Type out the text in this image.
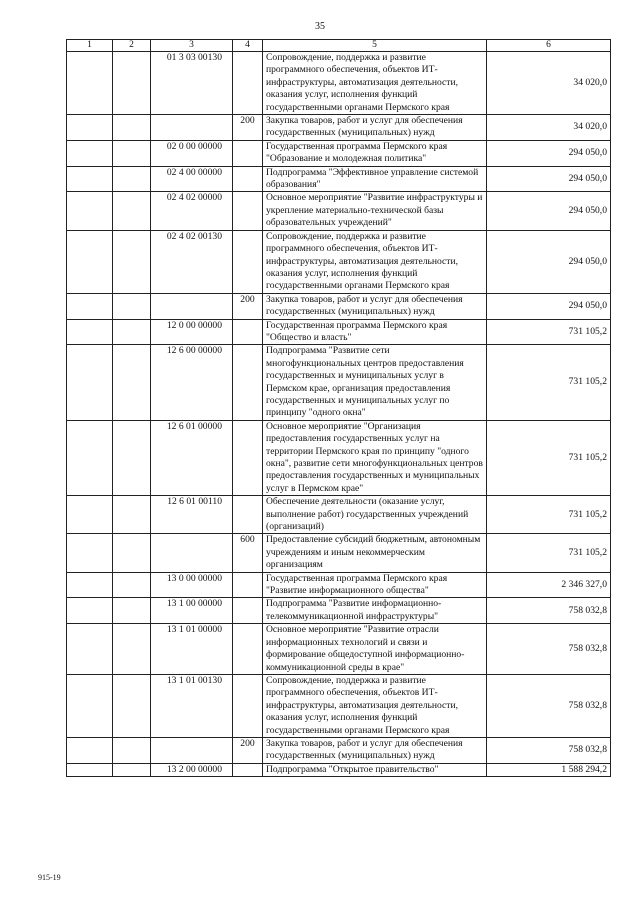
35
1	2	3	4	5	6
		01 3 03 00130		Сопровождение, поддержка и развитие программного обеспечения, объектов ИТ-инфраструктуры, автоматизация деятельности, оказания услуг, исполнения функций государственными органами Пермского края	34 020,0
			200	Закупка товаров, работ и услуг для обеспечения государственных (муниципальных) нужд	34 020,0
		02 0 00 00000		Государственная программа Пермского края "Образование и молодежная политика"	294 050,0
		02 4 00 00000		Подпрограмма "Эффективное управление системой образования"	294 050,0
		02 4 02 00000		Основное мероприятие "Развитие инфраструктуры и укрепление материально-технической базы образовательных учреждений"	294 050,0
		02 4 02 00130		Сопровождение, поддержка и развитие программного обеспечения, объектов ИТ-инфраструктуры, автоматизация деятельности, оказания услуг, исполнения функций государственными органами Пермского края	294 050,0
			200	Закупка товаров, работ и услуг для обеспечения государственных (муниципальных) нужд	294 050,0
		12 0 00 00000		Государственная программа Пермского края "Общество и власть"	731 105,2
		12 6 00 00000		Подпрограмма "Развитие сети многофункциональных центров предоставления государственных и муниципальных услуг в Пермском крае, организация предоставления государственных и муниципальных услуг по принципу "одного окна"	731 105,2
		12 6 01 00000		Основное мероприятие "Организация предоставления государственных услуг на территории Пермского края по принципу "одного окна", развитие сети многофункциональных центров предоставления государственных и муниципальных услуг в Пермском крае"	731 105,2
		12 6 01 00110		Обеспечение деятельности (оказание услуг, выполнение работ) государственных учреждений (организаций)	731 105,2
			600	Предоставление субсидий бюджетным, автономным учреждениям и иным некоммерческим организациям	731 105,2
		13 0 00 00000		Государственная программа Пермского края "Развитие информационного общества"	2 346 327,0
		13 1 00 00000		Подпрограмма "Развитие информационно-телекоммуникационной инфраструктуры"	758 032,8
		13 1 01 00000		Основное мероприятие "Развитие отрасли информационных технологий и связи и формирование общедоступной информационно-коммуникационной среды в крае"	758 032,8
		13 1 01 00130		Сопровождение, поддержка и развитие программного обеспечения, объектов ИТ-инфраструктуры, автоматизация деятельности, оказания услуг, исполнения функций государственными органами Пермского края	758 032,8
			200	Закупка товаров, работ и услуг для обеспечения государственных (муниципальных) нужд	758 032,8
		13 2 00 00000		Подпрограмма "Открытое правительство"	1 588 294,2
915-19
